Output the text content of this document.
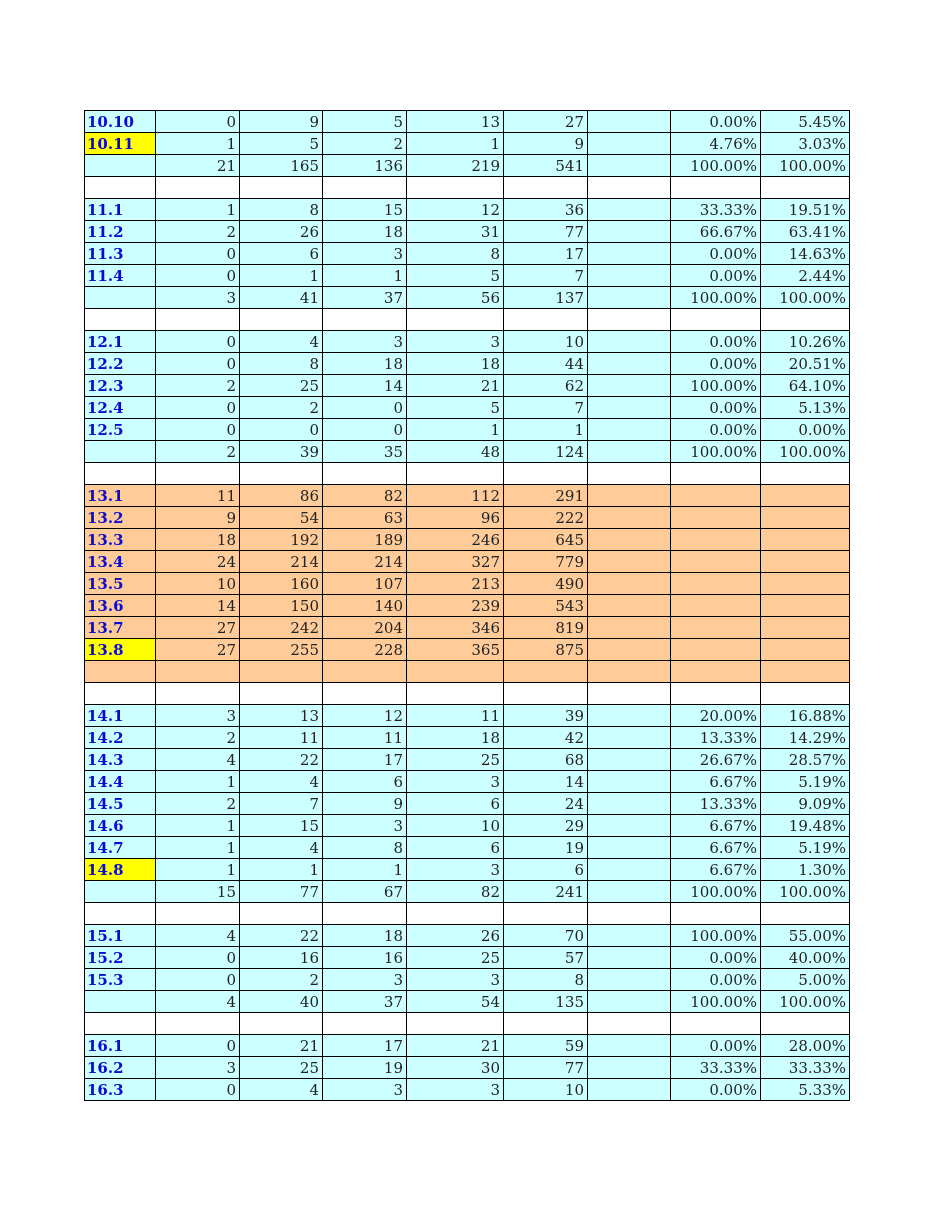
10.10	0	9	5	13	27		0.00%	5.45%
10.11	1	5	2	1	9		4.76%	3.03%
	21	165	136	219	541		100.00%	100.00%

11.1	1	8	15	12	36		33.33%	19.51%
11.2	2	26	18	31	77		66.67%	63.41%
11.3	0	6	3	8	17		0.00%	14.63%
11.4	0	1	1	5	7		0.00%	2.44%
	3	41	37	56	137		100.00%	100.00%

12.1	0	4	3	3	10		0.00%	10.26%
12.2	0	8	18	18	44		0.00%	20.51%
12.3	2	25	14	21	62		100.00%	64.10%
12.4	0	2	0	5	7		0.00%	5.13%
12.5	0	0	0	1	1		0.00%	0.00%
	2	39	35	48	124		100.00%	100.00%

13.1	11	86	82	112	291			
13.2	9	54	63	96	222			
13.3	18	192	189	246	645			
13.4	24	214	214	327	779			
13.5	10	160	107	213	490			
13.6	14	150	140	239	543			
13.7	27	242	204	346	819			
13.8	27	255	228	365	875			

14.1	3	13	12	11	39		20.00%	16.88%
14.2	2	11	11	18	42		13.33%	14.29%
14.3	4	22	17	25	68		26.67%	28.57%
14.4	1	4	6	3	14		6.67%	5.19%
14.5	2	7	9	6	24		13.33%	9.09%
14.6	1	15	3	10	29		6.67%	19.48%
14.7	1	4	8	6	19		6.67%	5.19%
14.8	1	1	1	3	6		6.67%	1.30%
	15	77	67	82	241		100.00%	100.00%

15.1	4	22	18	26	70		100.00%	55.00%
15.2	0	16	16	25	57		0.00%	40.00%
15.3	0	2	3	3	8		0.00%	5.00%
	4	40	37	54	135		100.00%	100.00%

16.1	0	21	17	21	59		0.00%	28.00%
16.2	3	25	19	30	77		33.33%	33.33%
16.3	0	4	3	3	10		0.00%	5.33%
